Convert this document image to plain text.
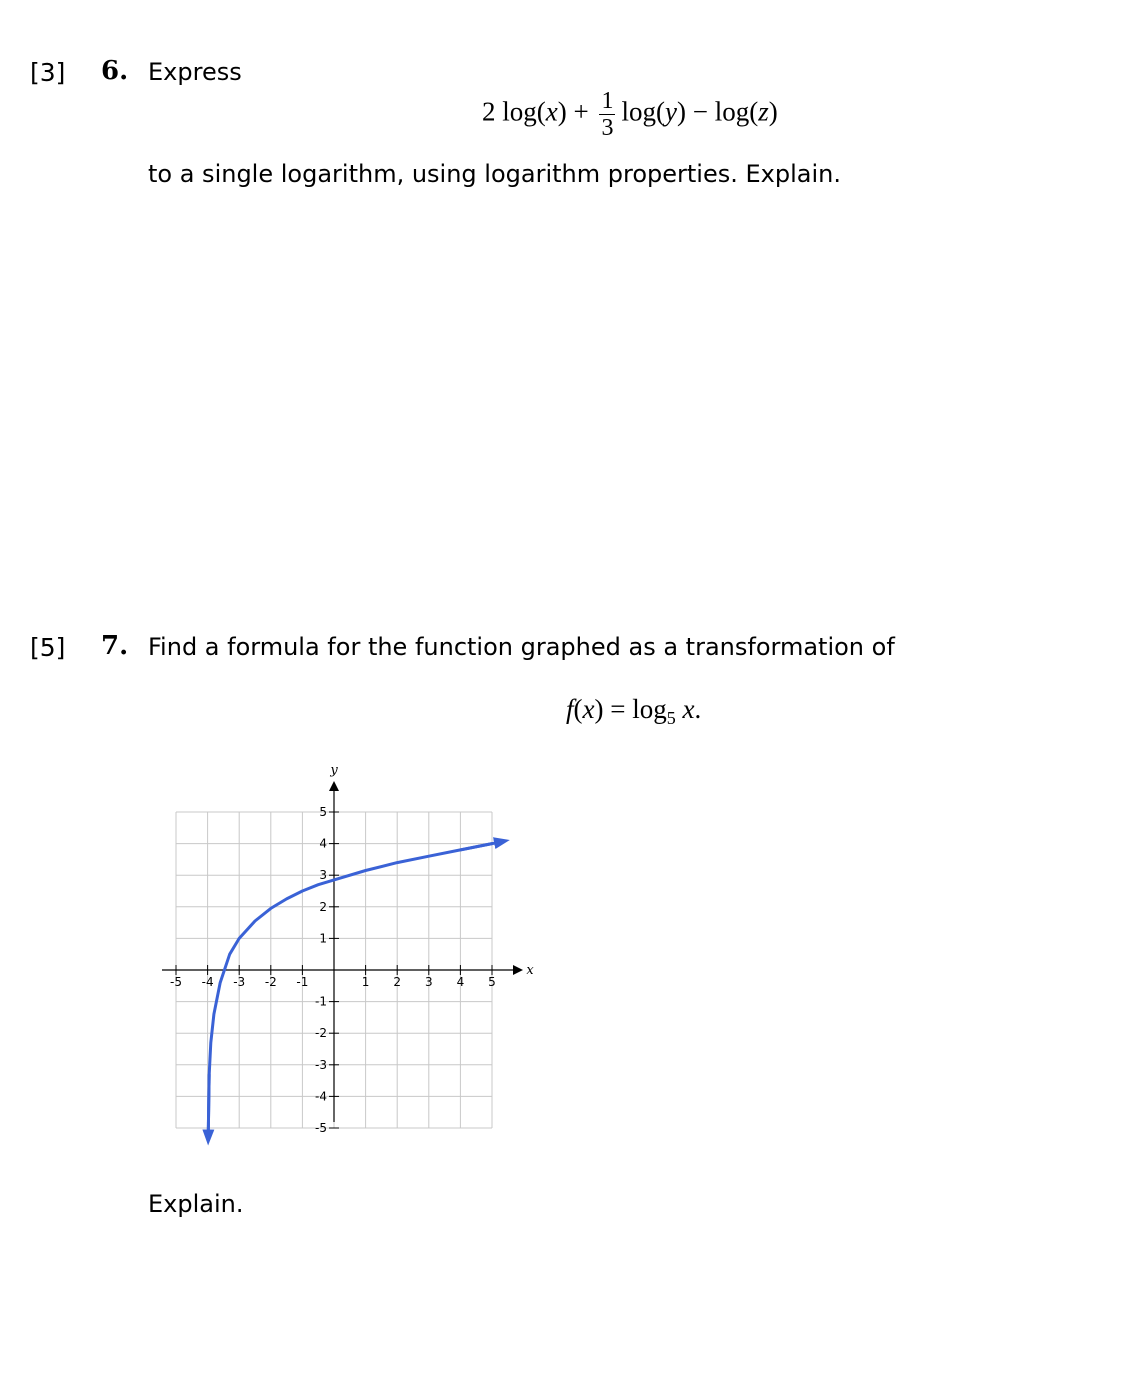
[3] 6. Express
2 $\log(x) + \frac{1}{3} \log(y) - \log(z)$
to a single logarithm, using logarithm properties. Explain.
[5] 7. Find a formula for the function graphed as a transformation of
$f(x) = \log_5 x$.
x
y
-5 -4 -3 -2 -1	1 2 3 4 5
5
4
3
2
1
-1
-2
-3
-4
-5
Explain.
